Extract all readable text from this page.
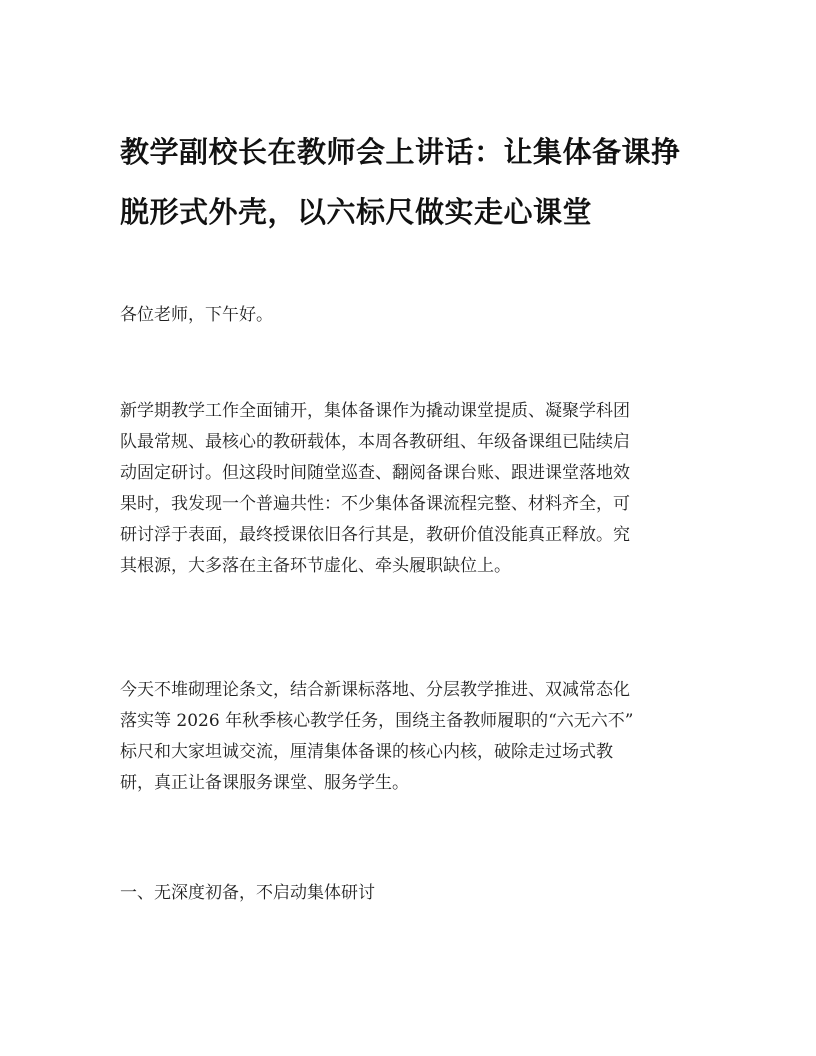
教学副校长在教师会上讲话：让集体备课挣
脱形式外壳，以六标尺做实走心课堂

各位老师，下午好。

新学期教学工作全面铺开，集体备课作为撬动课堂提质、凝聚学科团
队最常规、最核心的教研载体，本周各教研组、年级备课组已陆续启
动固定研讨。但这段时间随堂巡查、翻阅备课台账、跟进课堂落地效
果时，我发现一个普遍共性：不少集体备课流程完整、材料齐全，可
研讨浮于表面，最终授课依旧各行其是，教研价值没能真正释放。究
其根源，大多落在主备环节虚化、牵头履职缺位上。

今天不堆砌理论条文，结合新课标落地、分层教学推进、双减常态化
落实等 2026 年秋季核心教学任务，围绕主备教师履职的“六无六不”
标尺和大家坦诚交流，厘清集体备课的核心内核，破除走过场式教
研，真正让备课服务课堂、服务学生。

一、无深度初备，不启动集体研讨
